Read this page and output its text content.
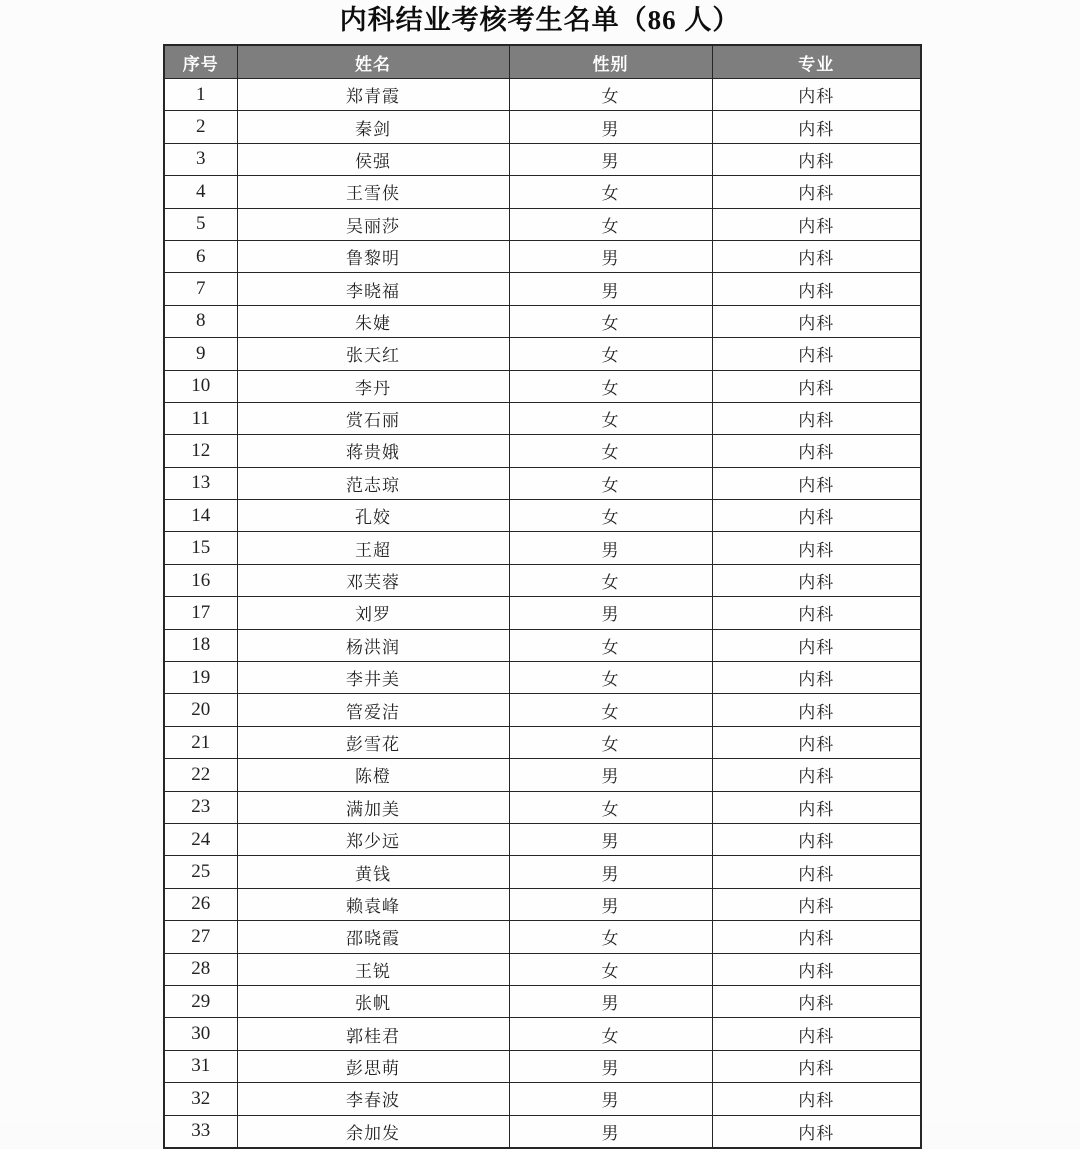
内科结业考核考生名单（86 人）
序号	姓名	性别	专业
1	郑青霞	女	内科
2	秦剑	男	内科
3	侯强	男	内科
4	王雪侠	女	内科
5	吴丽莎	女	内科
6	鲁黎明	男	内科
7	李晓福	男	内科
8	朱婕	女	内科
9	张天红	女	内科
10	李丹	女	内科
11	赏石丽	女	内科
12	蒋贵娥	女	内科
13	范志琼	女	内科
14	孔姣	女	内科
15	王超	男	内科
16	邓芙蓉	女	内科
17	刘罗	男	内科
18	杨洪润	女	内科
19	李井美	女	内科
20	管爱洁	女	内科
21	彭雪花	女	内科
22	陈橙	男	内科
23	满加美	女	内科
24	郑少远	男	内科
25	黄钱	男	内科
26	赖袁峰	男	内科
27	邵晓霞	女	内科
28	王锐	女	内科
29	张帆	男	内科
30	郭桂君	女	内科
31	彭思萌	男	内科
32	李春波	男	内科
33	余加发	男	内科
